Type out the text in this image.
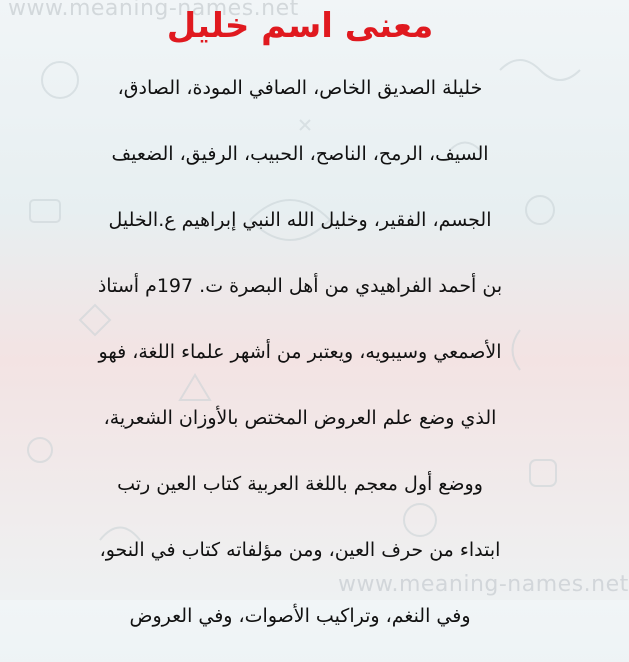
www.meaning-names.net
www.meaning-names.net
معنى اسم خليل
خليلة الصديق الخاص، الصافي المودة، الصادق،
السيف، الرمح، الناصح، الحبيب، الرفيق، الضعيف
الجسم، الفقير، وخليل الله النبي إبراهيم ع.الخليل
بن أحمد الفراهيدي من أهل البصرة ت. 197م أستاذ
الأصمعي وسيبويه، ويعتبر من أشهر علماء اللغة، فهو
الذي وضع علم العروض المختص بالأوزان الشعرية،
ووضع أول معجم باللغة العربية كتاب العين رتب
ابتداء من حرف العين، ومن مؤلفاته كتاب في النحو،
وفي النغم، وتراكيب الأصوات، وفي العروض
